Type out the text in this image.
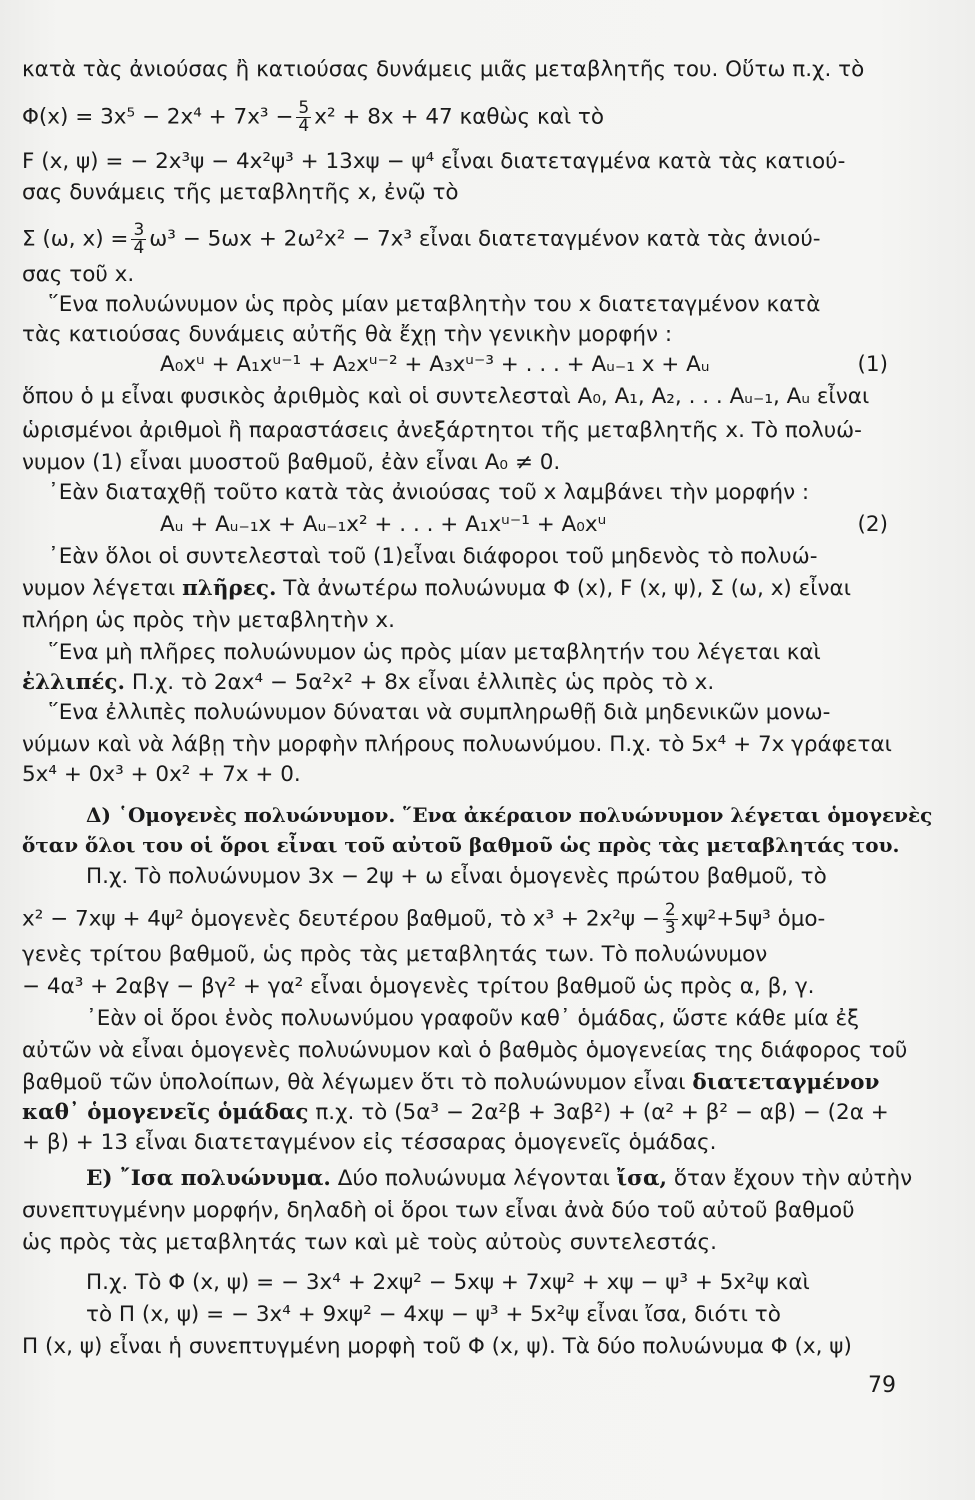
κατὰ τὰς ἀνιούσας ἢ κατιούσας δυνάμεις μιᾶς μεταβλητῆς του. Οὕτω π.χ. τὸ
$\Phi(x) = 3x^5 - 2x^4 + 7x^3 - \frac{5}{4} x^2 + 8x + 47$ καθὼς καὶ τὸ
F (x, ψ) = − 2x³ψ − 4x²ψ³ + 13xψ − ψ⁴ εἶναι διατεταγμένα κατὰ τὰς κατιού-
σας δυνάμεις τῆς μεταβλητῆς x, ἐνῷ τὸ
Σ (ω, $x) = \frac{3}{4} \omega^3 - 5\omega x + 2\omega^2x^2 - 7x^3$ εἶναι διατεταγμένον κατὰ τὰς ἀνιού-
σας τοῦ x.
῞Ενα πολυώνυμον ὡς πρὸς μίαν μεταβλητὴν του x διατεταγμένον κατὰ
τὰς κατιούσας δυνάμεις αὐτῆς θὰ ἔχῃ τὴν γενικὴν μορφήν :
A₀xᵘ + A₁xᵘ⁻¹ + A₂xᵘ⁻² + A₃xᵘ⁻³ + . . . + Aᵤ₋₁ x + Aᵤ	(1)
ὅπου ὁ μ εἶναι φυσικὸς ἀριθμὸς καὶ οἱ συντελεσταὶ A₀, A₁, A₂, . . . Aᵤ₋₁, Aᵤ εἶναι
ὡρισμένοι ἀριθμοὶ ἢ παραστάσεις ἀνεξάρτητοι τῆς μεταβλητῆς x. Τὸ πολυώ-
νυμον (1) εἶναι μυοστοῦ βαθμοῦ, ἐὰν εἶναι A₀ ≠ 0.
᾿Εὰν διαταχθῇ τοῦτο κατὰ τὰς ἀνιούσας τοῦ x λαμβάνει τὴν μορφήν :
Aᵤ + Aᵤ₋₁x + Aᵤ₋₁x² + . . . + A₁xᵘ⁻¹ + A₀xᵘ	(2)
᾿Εὰν ὅλοι οἱ συντελεσταὶ τοῦ (1)εἶναι διάφοροι τοῦ μηδενὸς τὸ πολυώ-
νυμον λέγεται πλῆρες. Τὰ ἀνωτέρω πολυώνυμα Φ (x), F (x, ψ), Σ (ω, x) εἶναι
πλήρη ὡς πρὸς τὴν μεταβλητὴν x.
῞Ενα μὴ πλῆρες πολυώνυμον ὡς πρὸς μίαν μεταβλητήν του λέγεται καὶ
ἐλλιπές. Π.χ. τὸ 2αx⁴ − 5α²x² + 8x εἶναι ἐλλιπὲς ὡς πρὸς τὸ x.
῞Ενα ἐλλιπὲς πολυώνυμον δύναται νὰ συμπληρωθῇ διὰ μηδενικῶν μονω-
νύμων καὶ νὰ λάβῃ τὴν μορφὴν πλήρους πολυωνύμου. Π.χ. τὸ 5x⁴ + 7x γράφεται
5x⁴ + 0x³ + 0x² + 7x + 0.
Δ) ῾Ομογενὲς πολυώνυμον. ῞Ενα ἀκέραιον πολυώνυμον λέγεται ὁμογενὲς
ὅταν ὅλοι του οἱ ὅροι εἶναι τοῦ αὐτοῦ βαθμοῦ ὡς πρὸς τὰς μεταβλητάς του.
Π.χ. Τὸ πολυώνυμον 3x − 2ψ + ω εἶναι ὁμογενὲς πρώτου βαθμοῦ, τὸ
x² − 7xψ + 4ψ² ὁμογενὲς δευτέρου βαθμοῦ, τὸ $x^3 + 2x^2\psi - \frac{2}{3} x\psi^2+5\psi^3$ ὁμο-
γενὲς τρίτου βαθμοῦ, ὡς πρὸς τὰς μεταβλητάς των. Τὸ πολυώνυμον
− 4α³ + 2αβγ − βγ² + γα² εἶναι ὁμογενὲς τρίτου βαθμοῦ ὡς πρὸς α, β, γ.
᾿Εὰν οἱ ὅροι ἑνὸς πολυωνύμου γραφοῦν καθ᾿ ὁμάδας, ὥστε κάθε μία ἐξ
αὐτῶν νὰ εἶναι ὁμογενὲς πολυώνυμον καὶ ὁ βαθμὸς ὁμογενείας της διάφορος τοῦ
βαθμοῦ τῶν ὑπολοίπων, θὰ λέγωμεν ὅτι τὸ πολυώνυμον εἶναι διατεταγμένον
καθ᾿ ὁμογενεῖς ὁμάδας π.χ. τὸ (5α³ − 2α²β + 3αβ²) + (α² + β² − αβ) − (2α +
+ β) + 13 εἶναι διατεταγμένον εἰς τέσσαρας ὁμογενεῖς ὁμάδας.
Ε) ῎Ισα πολυώνυμα. Δύο πολυώνυμα λέγονται ἴσα, ὅταν ἔχουν τὴν αὐτὴν
συνεπτυγμένην μορφήν, δηλαδὴ οἱ ὅροι των εἶναι ἀνὰ δύο τοῦ αὐτοῦ βαθμοῦ
ὡς πρὸς τὰς μεταβλητάς των καὶ μὲ τοὺς αὐτοὺς συντελεστάς.
Π.χ. Τὸ Φ (x, ψ) = − 3x⁴ + 2xψ² − 5xψ + 7xψ² + xψ − ψ³ + 5x²ψ καὶ
τὸ Π (x, ψ) = − 3x⁴ + 9xψ² − 4xψ − ψ³ + 5x²ψ εἶναι ἴσα, διότι τὸ
Π (x, ψ) εἶναι ἡ συνεπτυγμένη μορφὴ τοῦ Φ (x, ψ). Τὰ δύο πολυώνυμα Φ (x, ψ)
79
